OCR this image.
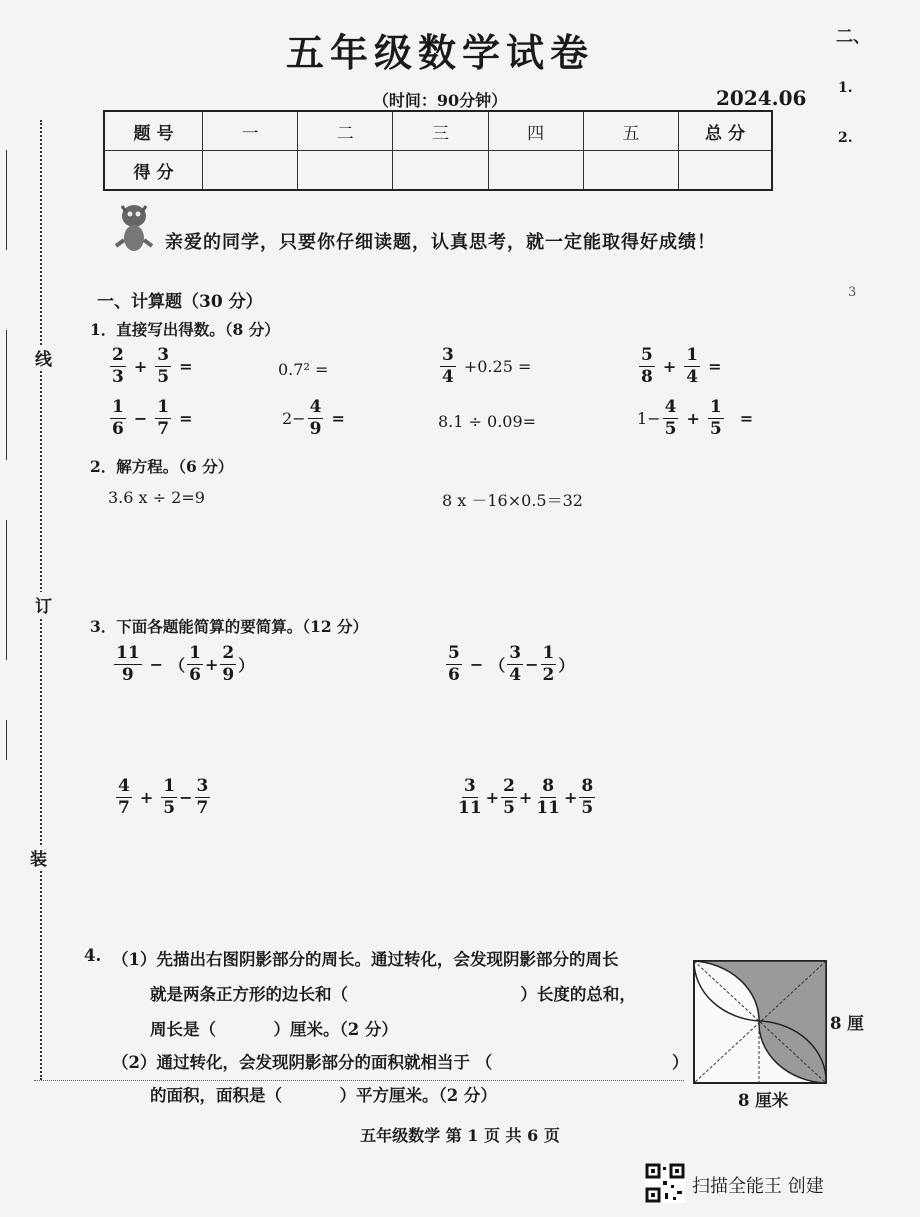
线
订
装
二、
1.
2.
3
五年级数学试卷
（时间：90分钟）	2024.06
题 号	一	二	三	四	五	总 分
得 分						
亲爱的同学，只要你仔细读题，认真思考，就一定能取得好成绩！
一、计算题（30 分）
1．直接写出得数。（8 分）
$\frac{2}{3} + \frac{3}{5}$ =	0.7² =	$\frac{3}{4} +0.25$ =	$\frac{5}{8} + \frac{1}{4}$ =
$\frac{1}{6} - \frac{1}{7}$ =	$2- \frac{4}{9}$ =	8.1 ÷ 0.09=	$1- \frac{4}{5} + \frac{1}{5}$ =
2．解方程。（6 分）
3.6 x ÷ 2=9	8 x －16×0.5＝32
3．下面各题能简算的要简算。（12 分）
$\frac{11}{9}$ − （ $\frac{1}{6} + \frac{2}{9}$ ）	$\frac{5}{6}$ − （ $\frac{3}{4} - \frac{1}{2}$ ）
$\frac{4}{7} + \frac{1}{5} - \frac{3}{7}$	$\frac{3}{11} + \frac{2}{5} + \frac{8}{11} + \frac{8}{5}$
4. （1）先描出右图阴影部分的周长。通过转化，会发现阴影部分的周长
就是两条正方形的边长和（                              ）长度的总和，
周长是（          ）厘米。（2 分）
（2）通过转化，会发现阴影部分的面积就相当于 （	）
的面积，面积是（          ）平方厘米。（2 分）
8 厘
8 厘米
五年级数学 第 1 页 共 6 页
扫描全能王 创建
